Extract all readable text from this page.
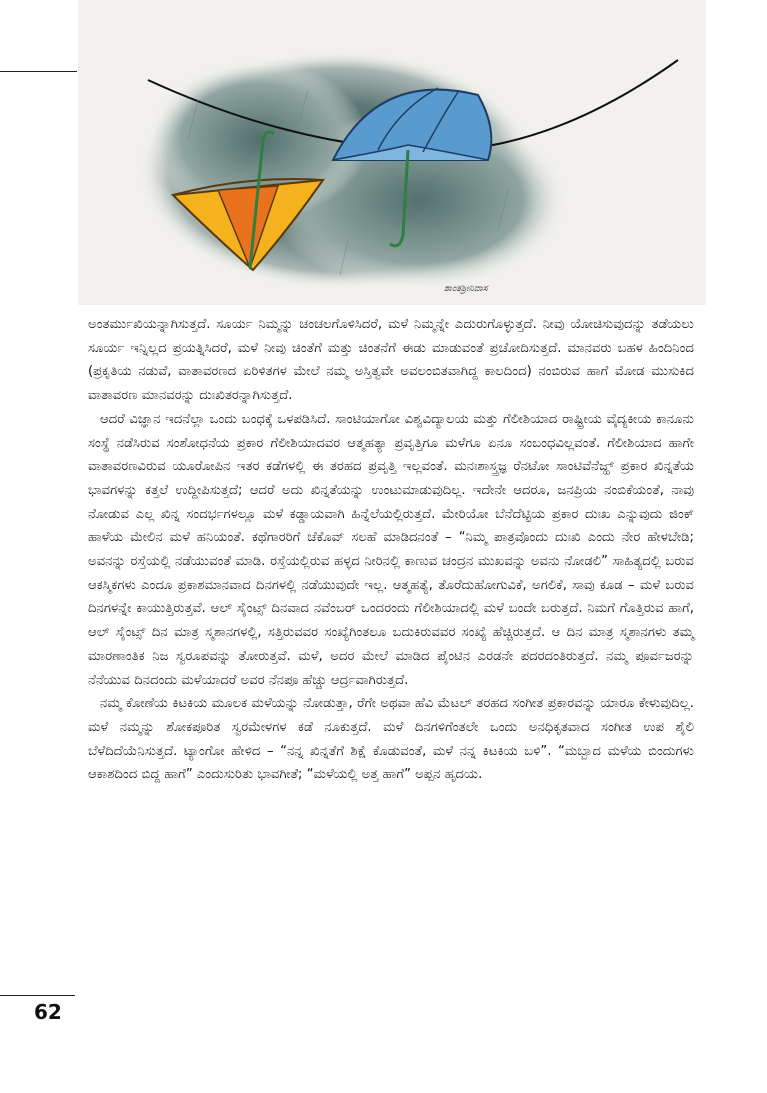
ಶಾಂತಶ್ರೀನಿವಾಸ

ಅಂತರ್ಮುಖಿಯನ್ನಾಗಿಸುತ್ತದೆ. ಸೂರ್ಯ ನಿಮ್ಮನ್ನು ಚಂಚಲಗೊಳಿಸಿದರೆ, ಮಳೆ ನಿಮ್ಮನ್ನೇ ಎದುರುಗೊಳ್ಳುತ್ತದೆ. ನೀವು ಯೋಚಿಸುವುದನ್ನು ತಡೆಯಲು ಸೂರ್ಯ ಇನ್ನಿಲ್ಲದ ಪ್ರಯತ್ನಿಸಿದರೆ, ಮಳೆ ನೀವು ಚಿಂತೆಗೆ ಮತ್ತು ಚಿಂತನೆಗೆ ಈಡು ಮಾಡುವಂತೆ ಪ್ರಚೋದಿಸುತ್ತದೆ. ಮಾನವರು ಬಹಳ ಹಿಂದಿನಿಂದ (ಪ್ರಕೃತಿಯ ನಡುವೆ, ವಾತಾವರಣದ ಏರಿಳಿತಗಳ ಮೇಲೆ ನಮ್ಮ ಅಸ್ತಿತ್ವವೇ ಅವಲಂಬಿತವಾಗಿದ್ದ ಕಾಲದಿಂದ) ನಂಬಿರುವ ಹಾಗೆ ಮೋಡ ಮುಸುಕಿದ ವಾತಾವರಣ ಮಾನವರನ್ನು ದುಃಖಿತರನ್ನಾಗಿಸುತ್ತದೆ.

ಆದರೆ ವಿಜ್ಞಾನ ಇದನೆಲ್ಲಾ ಒಂದು ಬಂಧಕ್ಕೆ ಒಳಪಡಿಸಿದೆ. ಸಾಂಟಿಯಾಗೋ ವಿಶ್ವವಿದ್ಯಾಲಯ ಮತ್ತು ಗೆಲೀಶಿಯಾದ ರಾಷ್ಟ್ರೀಯ ವೈದ್ಯಕೀಯ ಕಾನೂನು ಸಂಸ್ಥೆ ನಡೆಸಿರುವ ಸಂಶೋಧನೆಯ ಪ್ರಕಾರ ಗೆಲೀಶಿಯಾದವರ ಆತ್ಮಹತ್ಯಾ ಪ್ರವೃತ್ತಿಗೂ ಮಳೆಗೂ ಏನೂ ಸಂಬಂಧವಿಲ್ಲವಂತೆ. ಗೆಲೀಶಿಯಾದ ಹಾಗೇ ವಾತಾವರಣವಿರುವ ಯೂರೋಪಿನ ಇತರ ಕಡೆಗಳಲ್ಲಿ ಈ ತರಹದ ಪ್ರವೃತ್ತಿ ಇಲ್ಲವಂತೆ. ಮನಃಶಾಸ್ತ್ರಜ್ಞ ರೆನಟೋ ಸಾಂಟಿವೆನೆಜ್ಹ್ ಪ್ರಕಾರ ಖಿನ್ನತೆಯ ಭಾವಗಳನ್ನು ಕತ್ತಲೆ ಉದ್ದೀಪಿಸುತ್ತದೆ; ಆದರೆ ಅದು ಖಿನ್ನತೆಯನ್ನು ಉಂಟುಮಾಡುವುದಿಲ್ಲ. ಇದೇನೇ ಆದರೂ, ಜನಪ್ರಿಯ ನಂಬಿಕೆಯಂತೆ, ನಾವು ನೋಡುವ ಎಲ್ಲ ಖಿನ್ನ ಸಂದರ್ಭಗಳಲ್ಲೂ ಮಳೆ ಕಡ್ಡಾಯವಾಗಿ ಹಿನ್ನೆಲೆಯಲ್ಲಿರುತ್ತದೆ. ಮೇರಿಯೋ ಬೆನೆದೆಟ್ಟಿಯ ಪ್ರಕಾರ ದುಃಖ ಎನ್ನುವುದು ಜಿಂಕ್ ಹಾಳೆಯ ಮೇಲಿನ ಮಳೆ ಹನಿಯಂತೆ. ಕಥೆಗಾರರಿಗೆ ಚೆಕೊವ್ ಸಲಹೆ ಮಾಡಿದನಂತೆ – “ನಿಮ್ಮ ಪಾತ್ರವೊಂದು ದುಃಖಿ ಎಂದು ನೇರ ಹೇಳಬೇಡಿ; ಅವನನ್ನು ರಸ್ತೆಯಲ್ಲಿ ನಡೆಯುವಂತೆ ಮಾಡಿ. ರಸ್ತೆಯಲ್ಲಿರುವ ಹಳ್ಳದ ನೀರಿನಲ್ಲಿ ಕಾಣುವ ಚಂದ್ರನ ಮುಖವನ್ನು ಅವನು ನೋಡಲಿ” ಸಾಹಿತ್ಯದಲ್ಲಿ ಬರುವ ಆಕಸ್ಮಿಕಗಳು ಎಂದೂ ಪ್ರಕಾಶಮಾನವಾದ ದಿನಗಳಲ್ಲಿ ನಡೆಯುವುದೇ ಇಲ್ಲ. ಆತ್ಮಹತ್ಯೆ, ತೊರೆದುಹೋಗುವಿಕೆ, ಅಗಲಿಕೆ, ಸಾವು ಕೂಡ – ಮಳೆ ಬರುವ ದಿನಗಳನ್ನೇ ಕಾಯುತ್ತಿರುತ್ತವೆ. ಆಲ್ ಸೈಂಟ್ಸ್ ದಿನವಾದ ನವೆಂಬರ್ ಒಂದರಂದು ಗೆಲೀಶಿಯಾದಲ್ಲಿ ಮಳೆ ಬಂದೇ ಬರುತ್ತದೆ. ನಿಮಗೆ ಗೊತ್ತಿರುವ ಹಾಗೆ, ಆಲ್ ಸೈಂಟ್ಸ್ ದಿನ ಮಾತ್ರ ಸ್ಮಶಾನಗಳಲ್ಲಿ, ಸತ್ತಿರುವವರ ಸಂಖ್ಯೆಗಿಂತಲೂ ಬದುಕಿರುವವರ ಸಂಖ್ಯೆ ಹೆಚ್ಚಿರುತ್ತದೆ. ಆ ದಿನ ಮಾತ್ರ ಸ್ಮಶಾನಗಳು ತಮ್ಮ ಮಾರಣಾಂತಿಕ ನಿಜ ಸ್ವರೂಪವನ್ನು ತೋರುತ್ತವೆ. ಮಳೆ, ಅದರ ಮೇಲೆ ಮಾಡಿದ ಪೈಂಟಿನ ಎರಡನೇ ಪದರದಂತಿರುತ್ತದೆ. ನಮ್ಮ ಪೂರ್ವಜರನ್ನು ನೆನೆಯುವ ದಿನದಂದು ಮಳೆಯಾದರೆ ಅವರ ನೆನಪೂ ಹೆಚ್ಚು ಆರ್ದ್ರವಾಗಿರುತ್ತದೆ.

ನಮ್ಮ ಕೋಣೆಯ ಕಿಟಕಿಯ ಮೂಲಕ ಮಳೆಯನ್ನು ನೋಡುತ್ತಾ, ರೆಗೇ ಅಥವಾ ಹೆವಿ ಮೆಟಲ್ ತರಹದ ಸಂಗೀತ ಪ್ರಕಾರವನ್ನು ಯಾರೂ ಕೇಳುವುದಿಲ್ಲ. ಮಳೆ ನಮ್ಮನ್ನು ಶೋಕಪೂರಿತ ಸ್ವರಮೇಳಗಳ ಕಡೆ ನೂಕುತ್ತದೆ. ಮಳೆ ದಿನಗಳಿಗೆಂತಲೇ ಒಂದು ಅನಧಿಕೃತವಾದ ಸಂಗೀತ ಉಪ ಶೈಲಿ ಬೆಳೆದಿದೆಯೆನಿಸುತ್ತದೆ. ಟ್ಯಾಂಗೋ ಹೇಳಿದ – “ನನ್ನ ಖಿನ್ನತೆಗೆ ಶಿಕ್ಷೆ ಕೊಡುವಂತೆ, ಮಳೆ ನನ್ನ ಕಿಟಕಿಯ ಬಳಿ”. “ಮಬ್ಬಾದ ಮಳೆಯ ಬಿಂದುಗಳು ಆಕಾಶದಿಂದ ಬಿದ್ದ ಹಾಗೆ” ಎಂದುಸುರಿತು ಭಾವಗೀತೆ; “ಮಳೆಯಲ್ಲಿ ಅತ್ತ ಹಾಗೆ” ಅಪ್ಪನ ಹೃದಯ.

62
